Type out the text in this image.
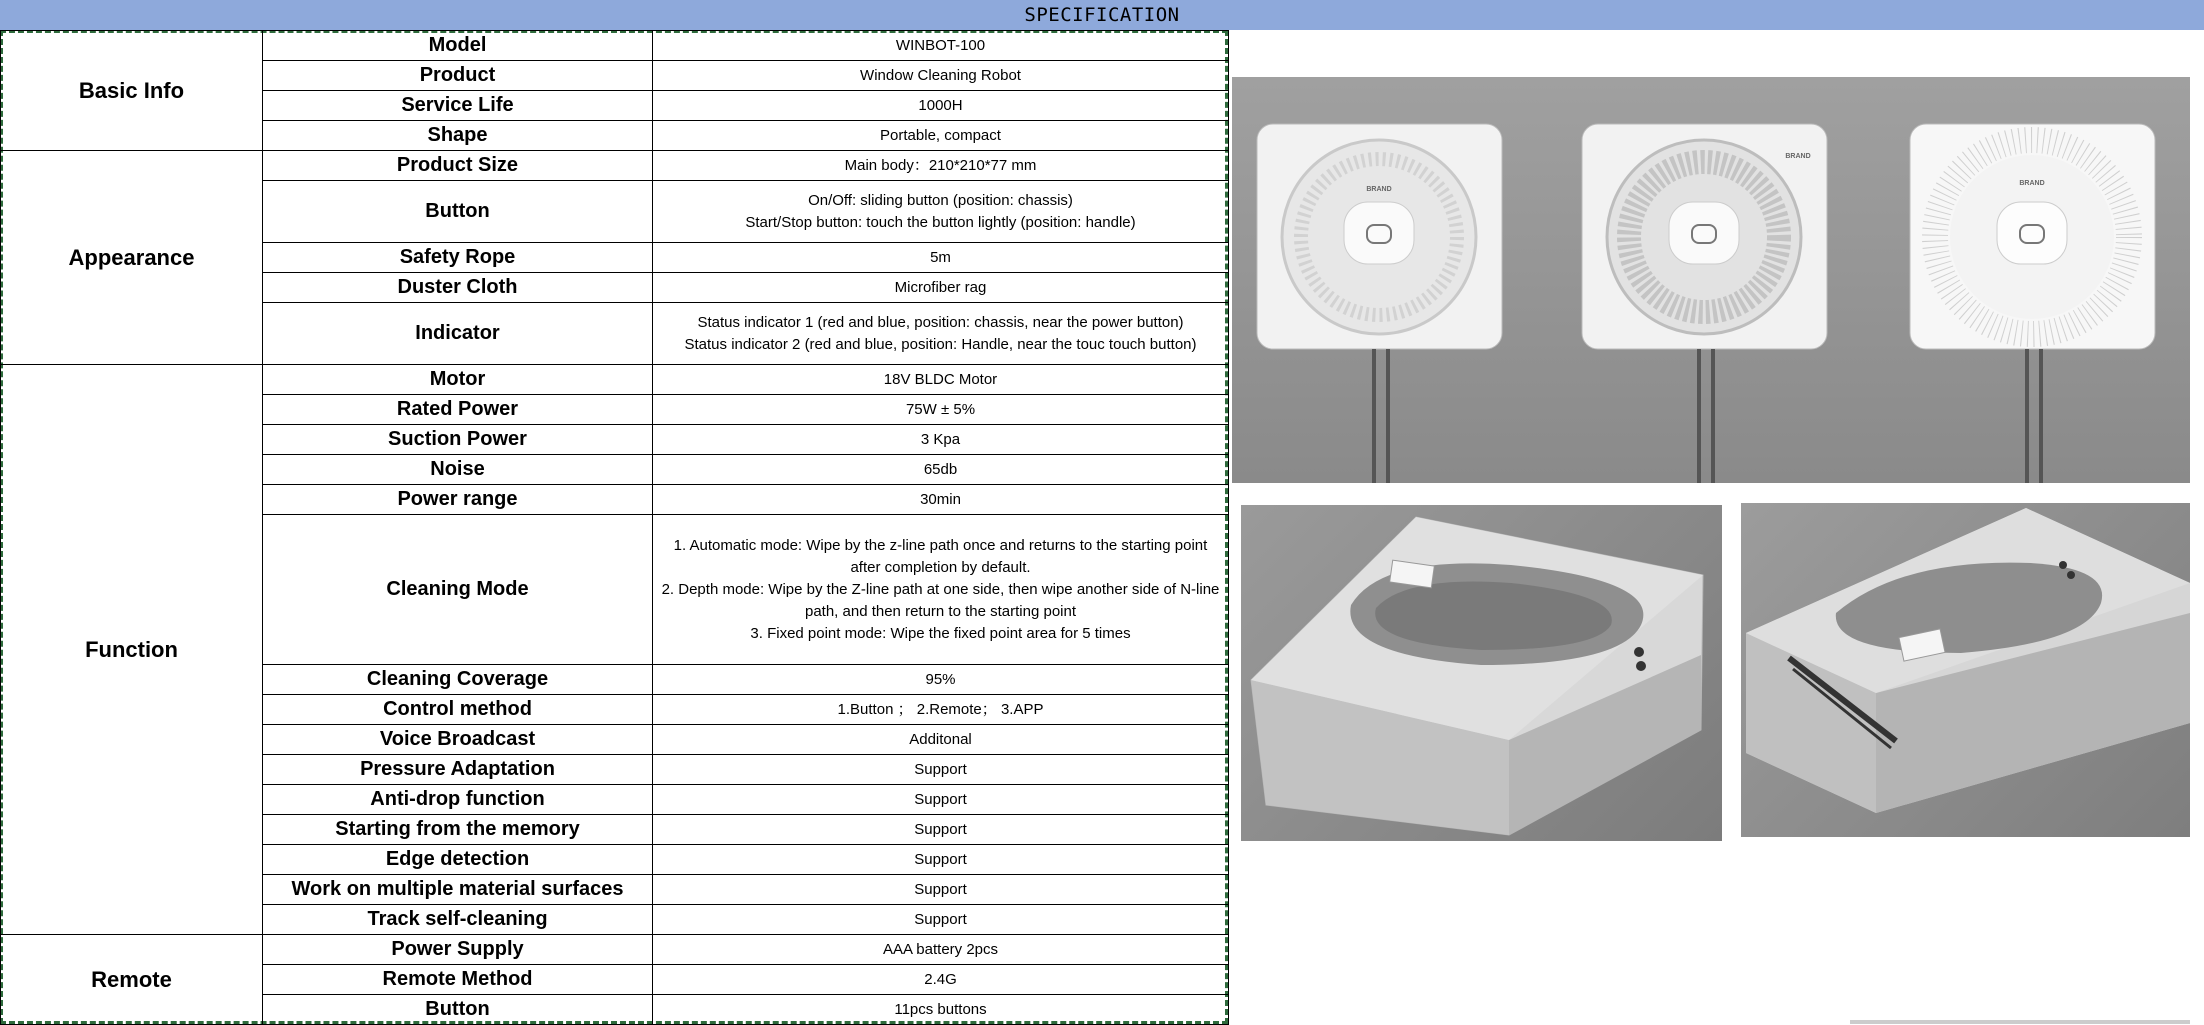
SPECIFICATION
Basic Info	Model	WINBOT-100

	Product	Window Cleaning Robot

	Service Life	1000H

	Shape	Portable, compact

Appearance	Product Size	Main body：210*210*77 mm

	Button	On/Off: sliding button (position: chassis)
Start/Stop button: touch the button lightly (position: handle)

	Safety Rope	5m

	Duster Cloth	Microfiber rag

	Indicator	Status indicator 1 (red and blue, position: chassis, near the power button)
Status indicator 2 (red and blue, position: Handle, near the touc touch button)

Function	Motor	18V BLDC Motor

	Rated Power	75W ± 5%

	Suction Power	3 Kpa

	Noise	65db

	Power range	30min

	Cleaning Mode	1. Automatic mode: Wipe by the z-line path once and returns to the starting point
after completion by default.
2. Depth mode: Wipe by the Z-line path at one side, then wipe another side of N-line
path, and then return to the starting point
3. Fixed point mode: Wipe the fixed point area for 5 times

	Cleaning Coverage	95%

	Control method	1.Button ； 2.Remote； 3.APP

	Voice Broadcast	Additonal

	Pressure Adaptation	Support

	Anti-drop function	Support

	Starting from the memory	Support

	Edge detection	Support

	Work on multiple material surfaces	Support

	Track self-cleaning	Support

Remote	Power Supply	AAA battery 2pcs

	Remote Method	2.4G

	Button	11pcs buttons
BRAND
BRAND
BRAND
